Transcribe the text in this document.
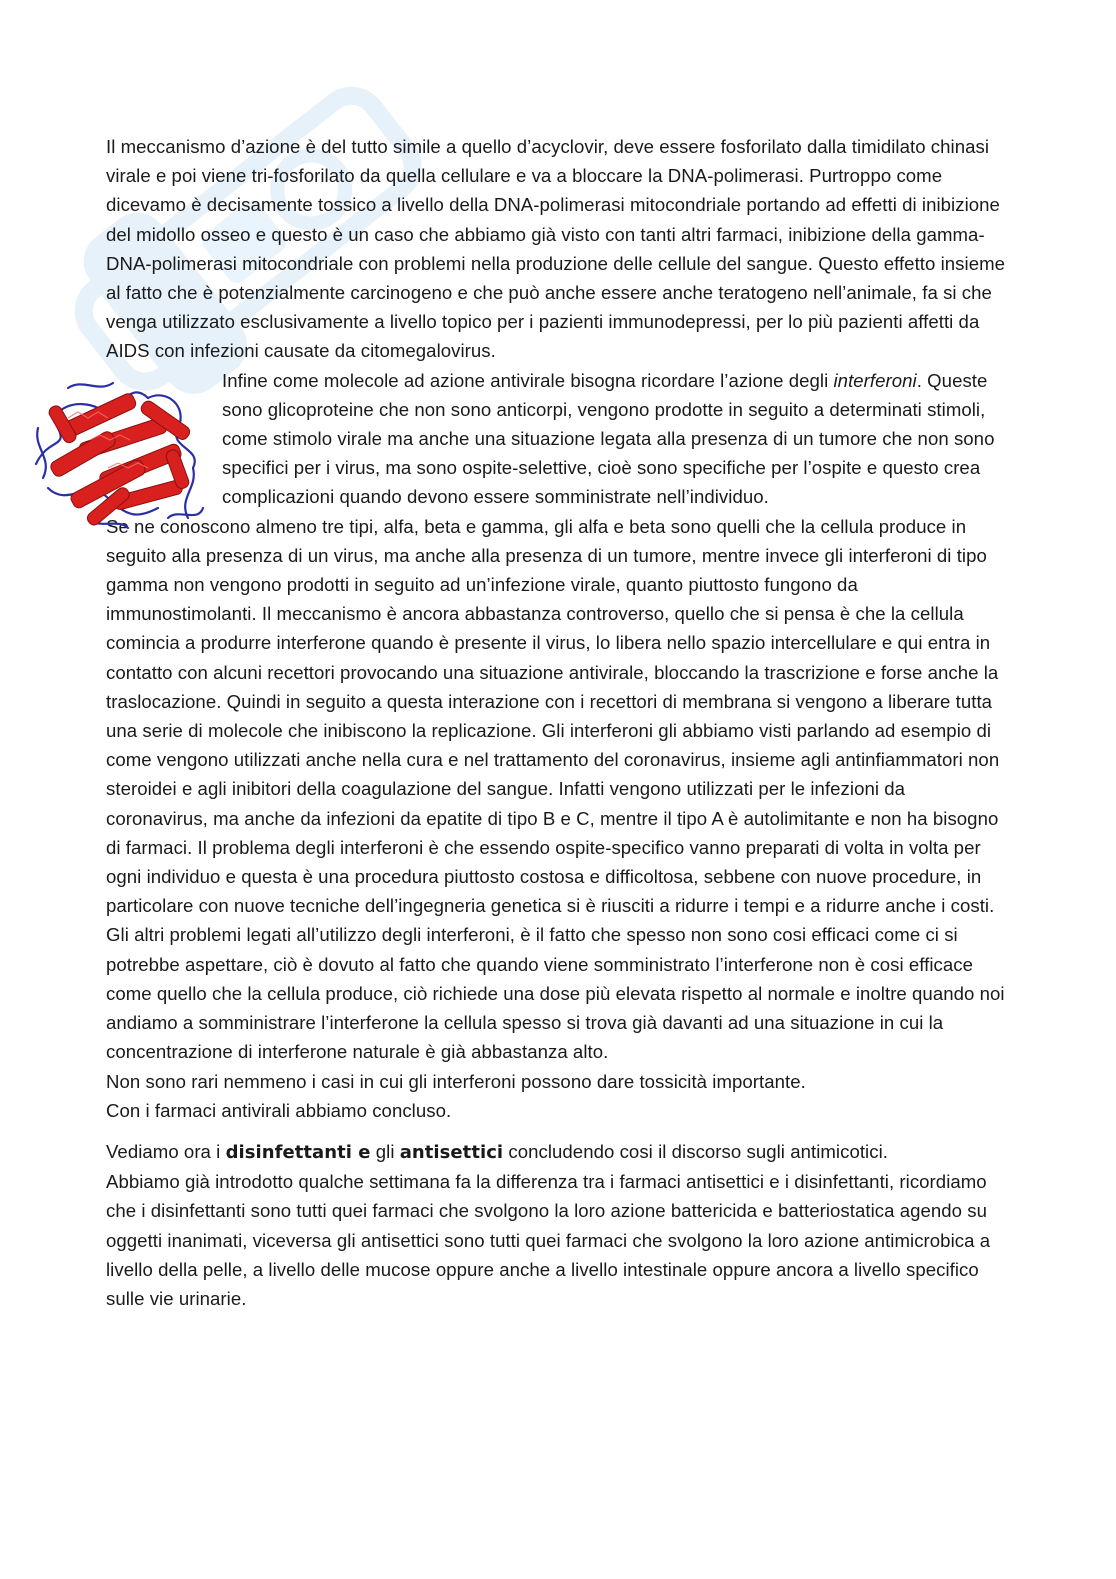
Il meccanismo d’azione è del tutto simile a quello d’acyclovir, deve essere fosforilato dalla timidilato chinasi virale e poi viene tri-fosforilato da quella cellulare e va a bloccare la DNA-polimerasi. Purtroppo come dicevamo è decisamente tossico a livello della DNA-polimerasi mitocondriale portando ad effetti di inibizione del midollo osseo e questo è un caso che abbiamo già visto con tanti altri farmaci, inibizione della gamma-DNA-polimerasi mitocondriale con problemi nella produzione delle cellule del sangue. Questo effetto insieme al fatto che è potenzialmente carcinogeno e che può anche essere anche teratogeno nell’animale, fa si che venga utilizzato esclusivamente a livello topico per i pazienti immunodepressi, per lo più pazienti affetti da AIDS con infezioni causate da citomegalovirus.

Infine come molecole ad azione antivirale bisogna ricordare l’azione degli interferoni. Queste sono glicoproteine che non sono anticorpi, vengono prodotte in seguito a determinati stimoli, come stimolo virale ma anche una situazione legata alla presenza di un tumore che non sono specifici per i virus, ma sono ospite-selettive, cioè sono specifiche per l’ospite e questo crea complicazioni quando devono essere somministrate nell’individuo.

Se ne conoscono almeno tre tipi, alfa, beta e gamma, gli alfa e beta sono quelli che la cellula produce in seguito alla presenza di un virus, ma anche alla presenza di un tumore, mentre invece gli interferoni di tipo gamma non vengono prodotti in seguito ad un’infezione virale, quanto piuttosto fungono da immunostimolanti. Il meccanismo è ancora abbastanza controverso, quello che si pensa è che la cellula comincia a produrre interferone quando è presente il virus, lo libera nello spazio intercellulare e qui entra in contatto con alcuni recettori provocando una situazione antivirale, bloccando la trascrizione e forse anche la traslocazione. Quindi in seguito a questa interazione con i recettori di membrana si vengono a liberare tutta una serie di molecole che inibiscono la replicazione. Gli interferoni gli abbiamo visti parlando ad esempio di come vengono utilizzati anche nella cura e nel trattamento del coronavirus, insieme agli antinfiammatori non steroidei e agli inibitori della coagulazione del sangue. Infatti vengono utilizzati per le infezioni da coronavirus, ma anche da infezioni da epatite di tipo B e C, mentre il tipo A è autolimitante e non ha bisogno di farmaci. Il problema degli interferoni è che essendo ospite-specifico vanno preparati di volta in volta per ogni individuo e questa è una procedura piuttosto costosa e difficoltosa, sebbene con nuove procedure, in particolare con nuove tecniche dell’ingegneria genetica si è riusciti a ridurre i tempi e a ridurre anche i costi.

Gli altri problemi legati all’utilizzo degli interferoni, è il fatto che spesso non sono cosi efficaci come ci si potrebbe aspettare, ciò è dovuto al fatto che quando viene somministrato l’interferone non è cosi efficace come quello che la cellula produce, ciò richiede una dose più elevata rispetto al normale e inoltre quando noi andiamo a somministrare l’interferone la cellula spesso si trova già davanti ad una situazione in cui la concentrazione di interferone naturale è già abbastanza alto.

Non sono rari nemmeno i casi in cui gli interferoni possono dare tossicità importante.

Con i farmaci antivirali abbiamo concluso.

Vediamo ora i disinfettanti e gli antisettici concludendo cosi il discorso sugli antimicotici.

Abbiamo già introdotto qualche settimana fa la differenza tra i farmaci antisettici e i disinfettanti, ricordiamo che i disinfettanti sono tutti quei farmaci che svolgono la loro azione battericida e batteriostatica agendo su oggetti inanimati, viceversa gli antisettici sono tutti quei farmaci che svolgono la loro azione antimicrobica a livello della pelle, a livello delle mucose oppure anche a livello intestinale oppure ancora a livello specifico sulle vie urinarie.
